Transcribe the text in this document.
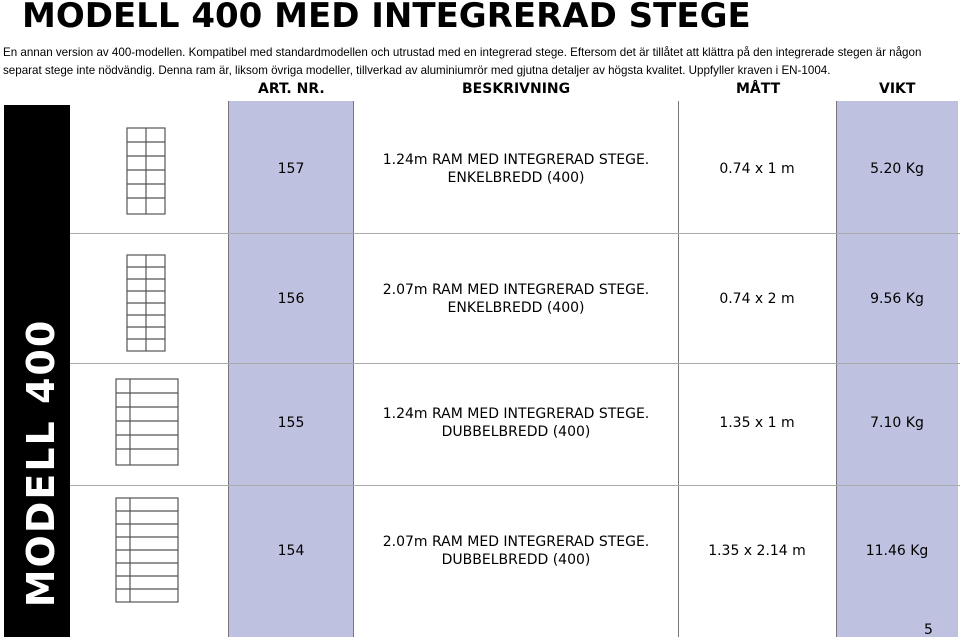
MODELL 400 MED INTEGRERAD STEGE
En annan version av 400-modellen. Kompatibel med standardmodellen och utrustad med en integrerad stege. Eftersom det är tillåtet att klättra på den integrerade stegen är någon separat stege inte nödvändig. Denna ram är, liksom övriga modeller, tillverkad av aluminiumrör med gjutna detaljer av högsta kvalitet. Uppfyller kraven i EN-1004.
ART. NR.	BESKRIVNING	MÅTT	VIKT
MODELL 400
157
1.24m RAM MED INTEGRERAD STEGE.
ENKELBREDD (400)
0.74 x 1 m	5.20 Kg
156
2.07m RAM MED INTEGRERAD STEGE.
ENKELBREDD (400)
0.74 x 2 m	9.56 Kg
155
1.24m RAM MED INTEGRERAD STEGE.
DUBBELBREDD (400)
1.35 x 1 m	7.10 Kg
154
2.07m RAM MED INTEGRERAD STEGE.
DUBBELBREDD (400)
1.35 x 2.14 m	11.46 Kg
5
